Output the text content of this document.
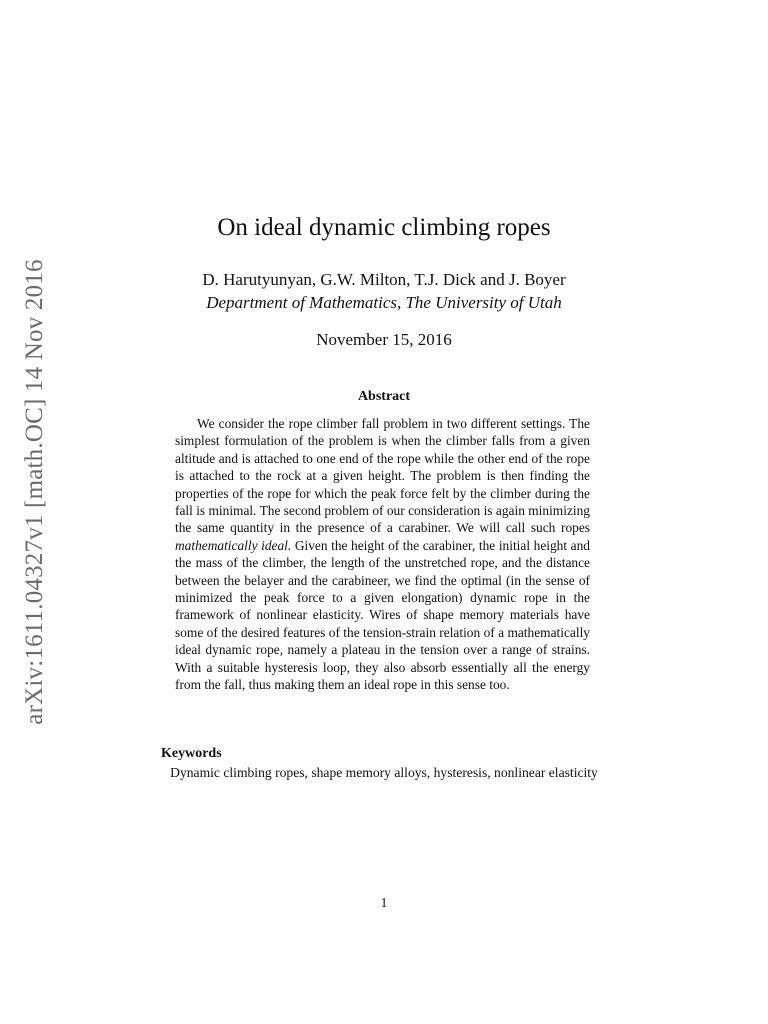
arXiv:1611.04327v1 [math.OC] 14 Nov 2016
On ideal dynamic climbing ropes
D. Harutyunyan, G.W. Milton, T.J. Dick and J. Boyer
Department of Mathematics, The University of Utah
November 15, 2016
Abstract

We consider the rope climber fall problem in two different settings. The simplest formulation of the problem is when the climber falls from a given altitude and is attached to one end of the rope while the other end of the rope is attached to the rock at a given height. The problem is then finding the properties of the rope for which the peak force felt by the climber during the fall is minimal. The second problem of our consideration is again minimizing the same quantity in the presence of a carabiner. We will call such ropes mathematically ideal. Given the height of the carabiner, the initial height and the mass of the climber, the length of the unstretched rope, and the distance between the belayer and the carabineer, we find the optimal (in the sense of minimized the peak force to a given elongation) dynamic rope in the framework of nonlinear elasticity. Wires of shape memory materials have some of the desired features of the tension-strain relation of a mathematically ideal dynamic rope, namely a plateau in the tension over a range of strains. With a suitable hysteresis loop, they also absorb essentially all the energy from the fall, thus making them an ideal rope in this sense too.

Keywords
Dynamic climbing ropes, shape memory alloys, hysteresis, nonlinear elasticity
1
